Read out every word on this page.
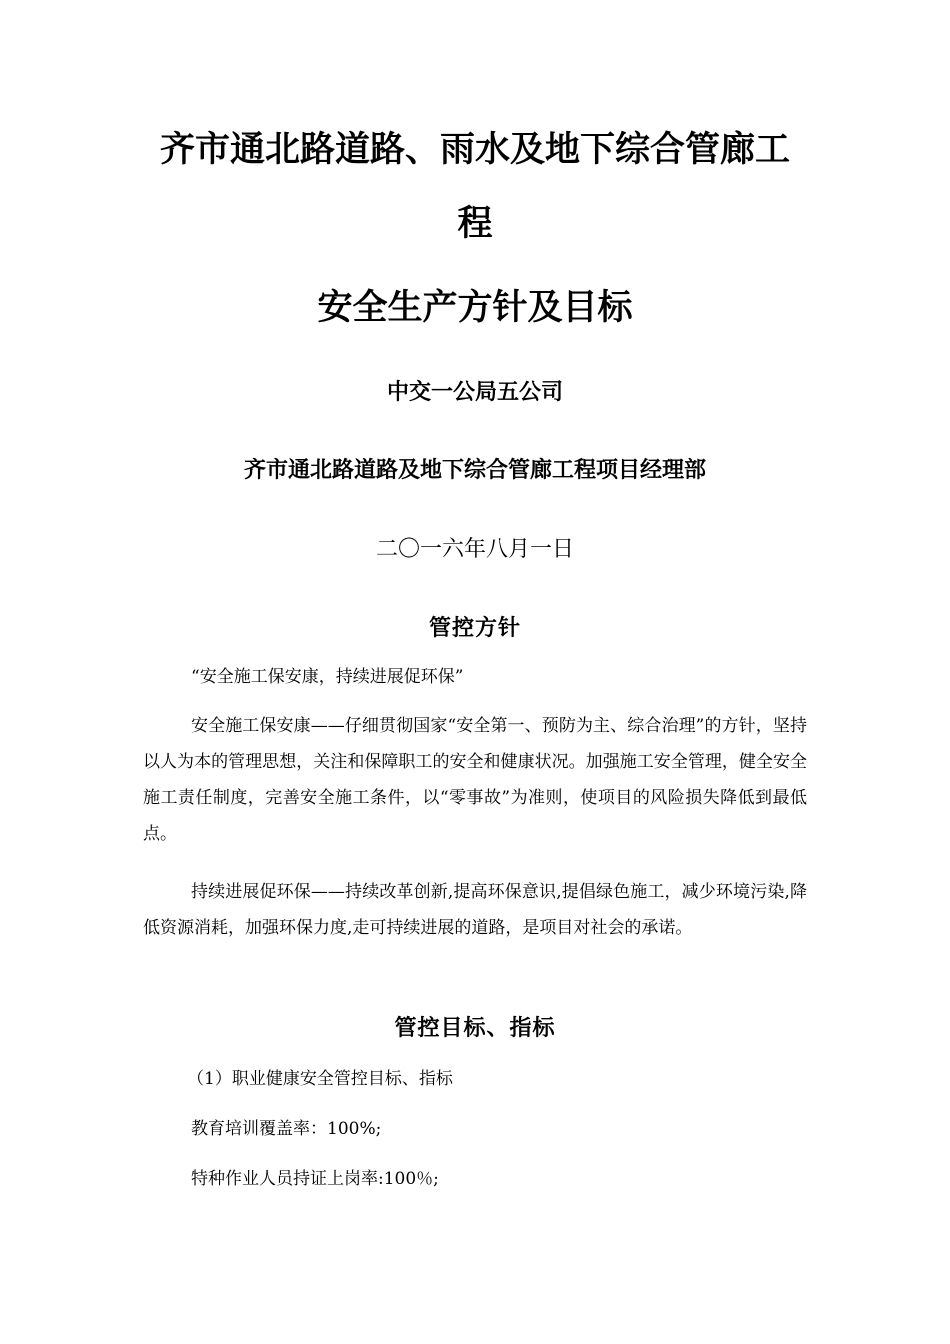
齐市通北路道路、雨水及地下综合管廊工
程
安全生产方针及目标
中交一公局五公司
齐市通北路道路及地下综合管廊工程项目经理部
二〇一六年八月一日
管控方针
“安全施工保安康，持续进展促环保”
安全施工保安康——仔细贯彻国家“安全第一、预防为主、综合治理”的方针，坚持以人为本的管理思想，关注和保障职工的安全和健康状况。加强施工安全管理，健全安全施工责任制度，完善安全施工条件，以“零事故”为准则，使项目的风险损失降低到最低点。
持续进展促环保——持续改革创新,提高环保意识,提倡绿色施工，减少环境污染,降低资源消耗，加强环保力度,走可持续进展的道路，是项目对社会的承诺。
管控目标、指标
（1）职业健康安全管控目标、指标
教育培训覆盖率：100%;
特种作业人员持证上岗率:100％;
